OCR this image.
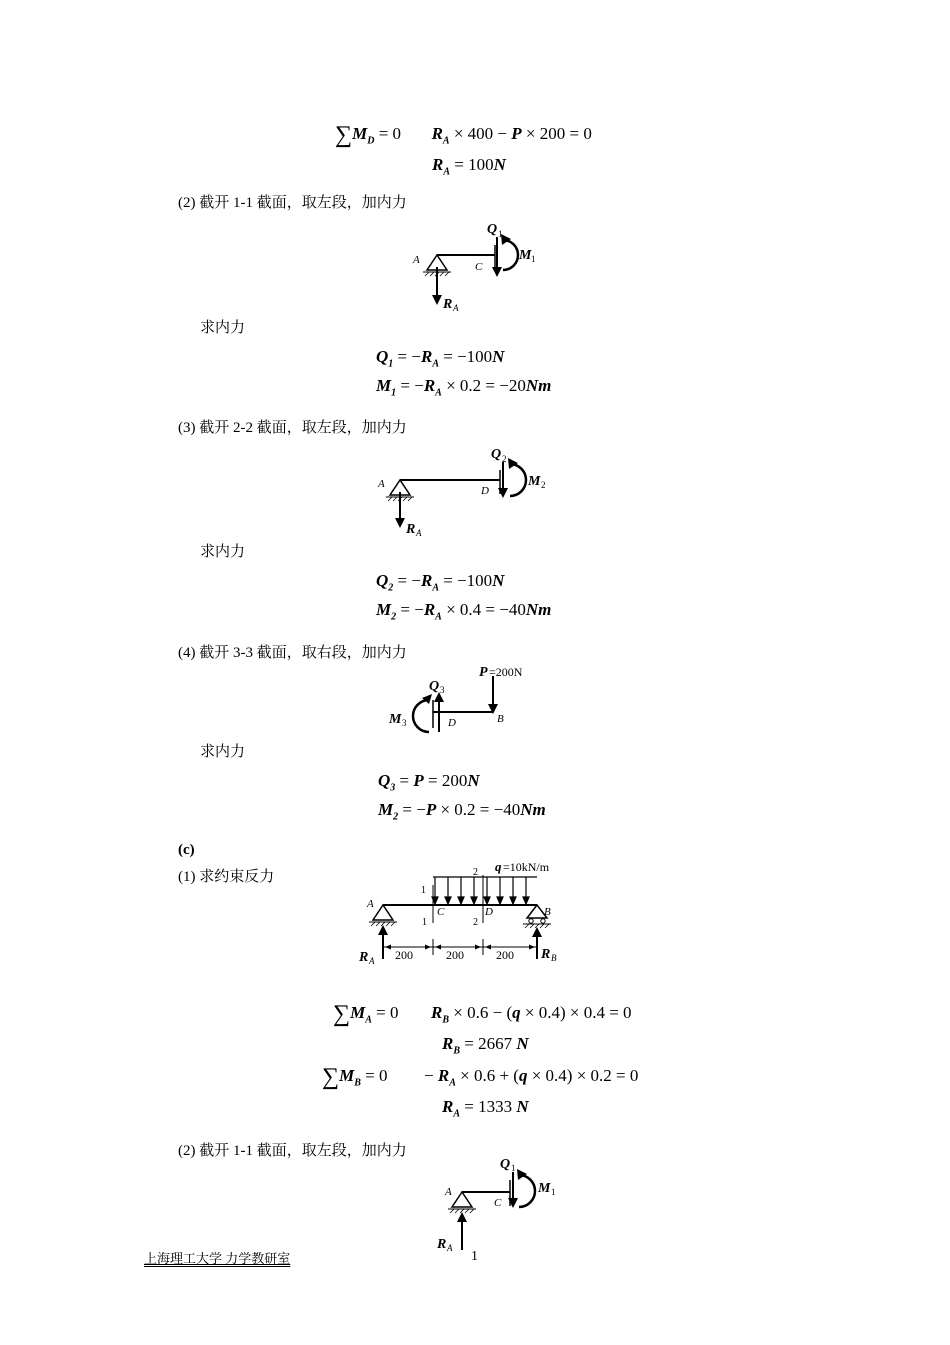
$\sum M_D = 0$ $R_A \times 400 - P \times 200 = 0$
$R_A = 100N$
(2) 截开 1-1 截面，取左段，加内力
A
C
Q 1
M 1
R A
求内力
$Q_1 = -R_A = -100N$
$M_1 = -R_A \times 0.2 = -20Nm$
(3) 截开 2-2 截面，取左段，加内力
A
D
Q 2
M 2
R A
求内力
$Q_2 = -R_A = -100N$
$M_2 = -R_A \times 0.4 = -40Nm$
(4) 截开 3-3 截面，取右段，加内力
P =200N
Q 3
M 3	D	B
求内力
$Q_3 = P = 200N$
$M_2 = -P \times 0.2 = -40Nm$
(c)
(1) 求约束反力
200	200	200
q =10kN/m
2
2
1
1
A
C	D	B
R A	R B
$\sum M_A = 0$ $R_B \times 0.6 - (q \times 0.4) \times 0.4 = 0$
$R_B = 2667$ N
$\sum M_B = 0 - R_A \times 0.6 + (q \times 0.4) \times 0.2 = 0$
$R_A = 1333$ N
(2) 截开 1-1 截面，取左段，加内力
A
C
Q 1
M 1
R A
上海理工大学 力学教研室	1
